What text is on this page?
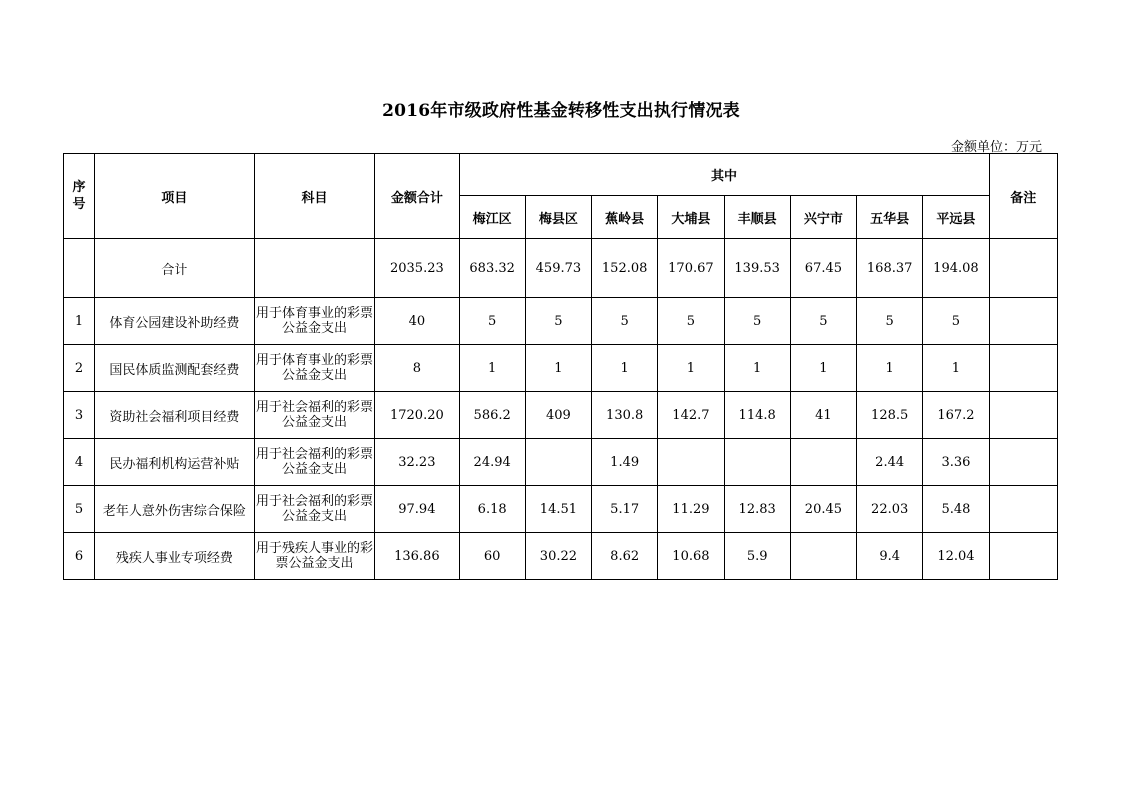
2016年市级政府性基金转移性支出执行情况表
金额单位：万元
序
号	项目	科目	金额合计	其中								备注
				梅江区	梅县区	蕉岭县	大埔县	丰顺县	兴宁市	五华县	平远县	
	合计		2035.23	683.32	459.73	152.08	170.67	139.53	67.45	168.37	194.08	
1	体育公园建设补助经费	用于体育事业的彩票公益金支出	40	5	5	5	5	5	5	5	5	
2	国民体质监测配套经费	用于体育事业的彩票公益金支出	8	1	1	1	1	1	1	1	1	
3	资助社会福利项目经费	用于社会福利的彩票公益金支出	1720.20	586.2	409	130.8	142.7	114.8	41	128.5	167.2	
4	民办福利机构运营补贴	用于社会福利的彩票公益金支出	32.23	24.94		1.49				2.44	3.36	
5	老年人意外伤害综合保险	用于社会福利的彩票公益金支出	97.94	6.18	14.51	5.17	11.29	12.83	20.45	22.03	5.48	
6	残疾人事业专项经费	用于残疾人事业的彩票公益金支出	136.86	60	30.22	8.62	10.68	5.9		9.4	12.04	
